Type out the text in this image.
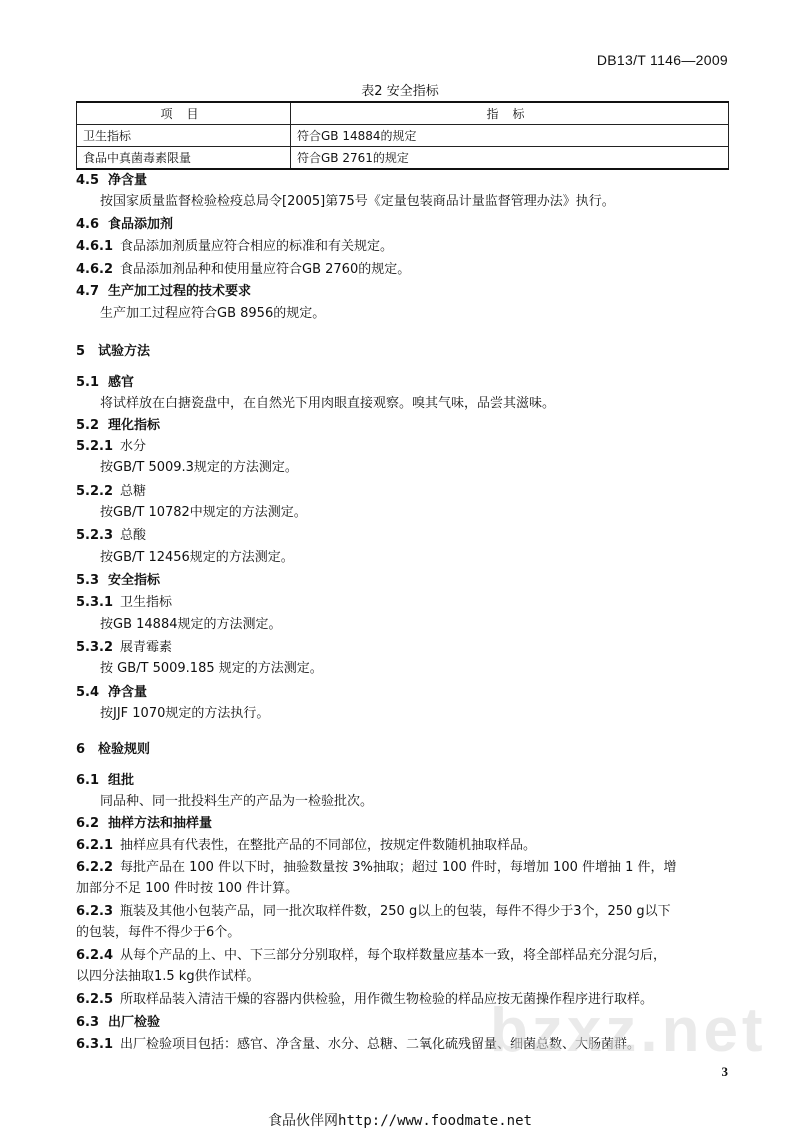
DB13/T 1146—2009
表2 安全指标
项目	指标
卫生指标	符合GB 14884的规定
食品中真菌毒素限量	符合GB 2761的规定
4.5 净含量
按国家质量监督检验检疫总局令[2005]第75号《定量包装商品计量监督管理办法》执行。
4.6 食品添加剂
4.6.1 食品添加剂质量应符合相应的标准和有关规定。
4.6.2 食品添加剂品种和使用量应符合GB 2760的规定。
4.7 生产加工过程的技术要求
生产加工过程应符合GB 8956的规定。
5 试验方法
5.1 感官
将试样放在白搪瓷盘中，在自然光下用肉眼直接观察。嗅其气味，品尝其滋味。
5.2 理化指标
5.2.1 水分
按GB/T 5009.3规定的方法测定。
5.2.2 总糖
按GB/T 10782中规定的方法测定。
5.2.3 总酸
按GB/T 12456规定的方法测定。
5.3 安全指标
5.3.1 卫生指标
按GB 14884规定的方法测定。
5.3.2 展青霉素
按 GB/T 5009.185 规定的方法测定。
5.4 净含量
按JJF 1070规定的方法执行。
6 检验规则
6.1 组批
同品种、同一批投料生产的产品为一检验批次。
6.2 抽样方法和抽样量
6.2.1 抽样应具有代表性，在整批产品的不同部位，按规定件数随机抽取样品。
6.2.2 每批产品在 100 件以下时，抽验数量按 3%抽取；超过 100 件时，每增加 100 件增抽 1 件，增
加部分不足 100 件时按 100 件计算。
6.2.3 瓶装及其他小包装产品，同一批次取样件数，250 g以上的包装，每件不得少于3个，250 g以下
的包装，每件不得少于6个。
6.2.4 从每个产品的上、中、下三部分分别取样，每个取样数量应基本一致，将全部样品充分混匀后，
以四分法抽取1.5 kg供作试样。
6.2.5 所取样品装入清洁干燥的容器内供检验，用作微生物检验的样品应按无菌操作程序进行取样。
6.3 出厂检验
6.3.1 出厂检验项目包括：感官、净含量、水分、总糖、二氧化硫残留量、细菌总数、大肠菌群。
bzxz.net
3
食品伙伴网http://www.foodmate.net
